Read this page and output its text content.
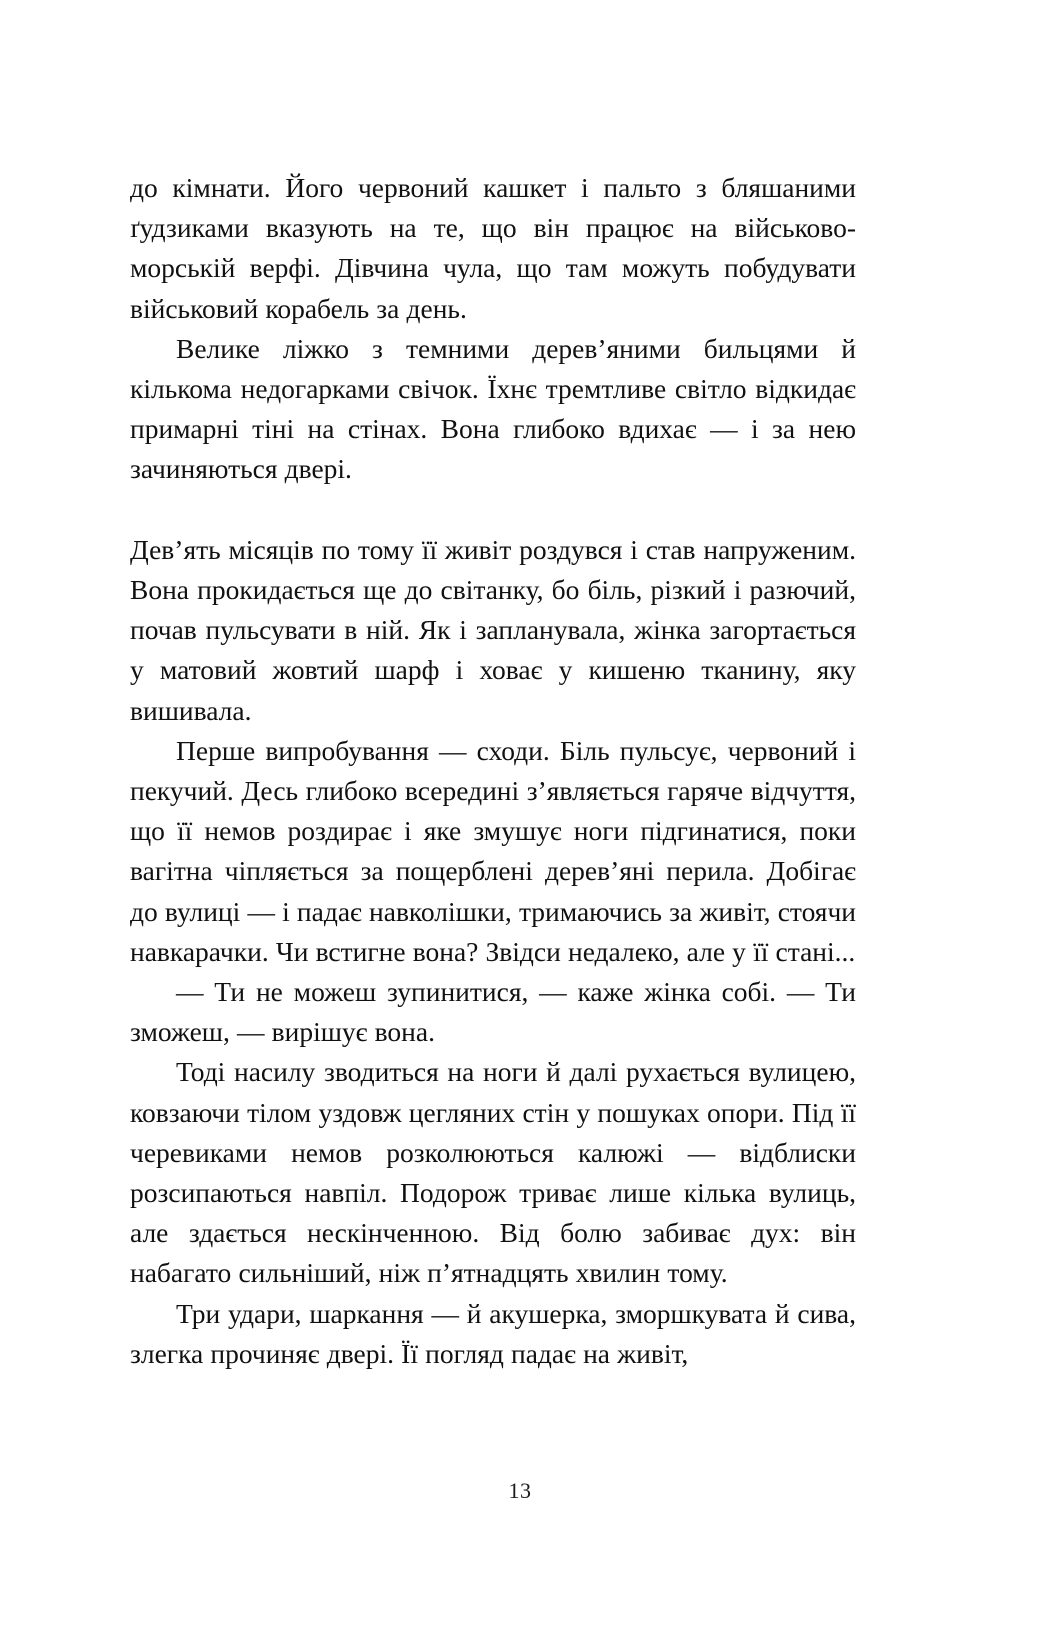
до кімнати. Його червоний кашкет і пальто з бляшаними ґудзиками вказують на те, що він працює на військово-морській верфі. Дівчина чула, що там можуть побудувати військовий корабель за день.

Велике ліжко з темними дерев’яними бильцями й кількома недогарками свічок. Їхнє тремтливе світло відкидає примарні тіні на стінах. Вона глибоко вдихає — і за нею зачиняються двері.

Дев’ять місяців по тому її живіт роздувся і став напруженим. Вона прокидається ще до світанку, бо біль, різкий і разючий, почав пульсувати в ній. Як і запланувала, жінка загортається у матовий жовтий шарф і ховає у кишеню тканину, яку вишивала.

Перше випробування — сходи. Біль пульсує, червоний і пекучий. Десь глибоко всередині з’являється гаряче відчуття, що її немов роздирає і яке змушує ноги підгинатися, поки вагітна чіпляється за пощерблені дерев’яні перила. Добігає до вулиці — і падає навколішки, тримаючись за живіт, стоячи навкарачки. Чи встигне вона? Звідси недалеко, але у її стані...

— Ти не можеш зупинитися, — каже жінка собі. — Ти зможеш, — вирішує вона.

Тоді насилу зводиться на ноги й далі рухається вулицею, ковзаючи тілом уздовж цегляних стін у пошуках опори. Під її черевиками немов розколюються калюжі — відблиски розсипаються навпіл. Подорож триває лише кілька вулиць, але здається нескінченною. Від болю забиває дух: він набагато сильніший, ніж п’ятнадцять хвилин тому.

Три удари, шаркання — й акушерка, зморшкувата й сива, злегка прочиняє двері. Її погляд падає на живіт,

13
